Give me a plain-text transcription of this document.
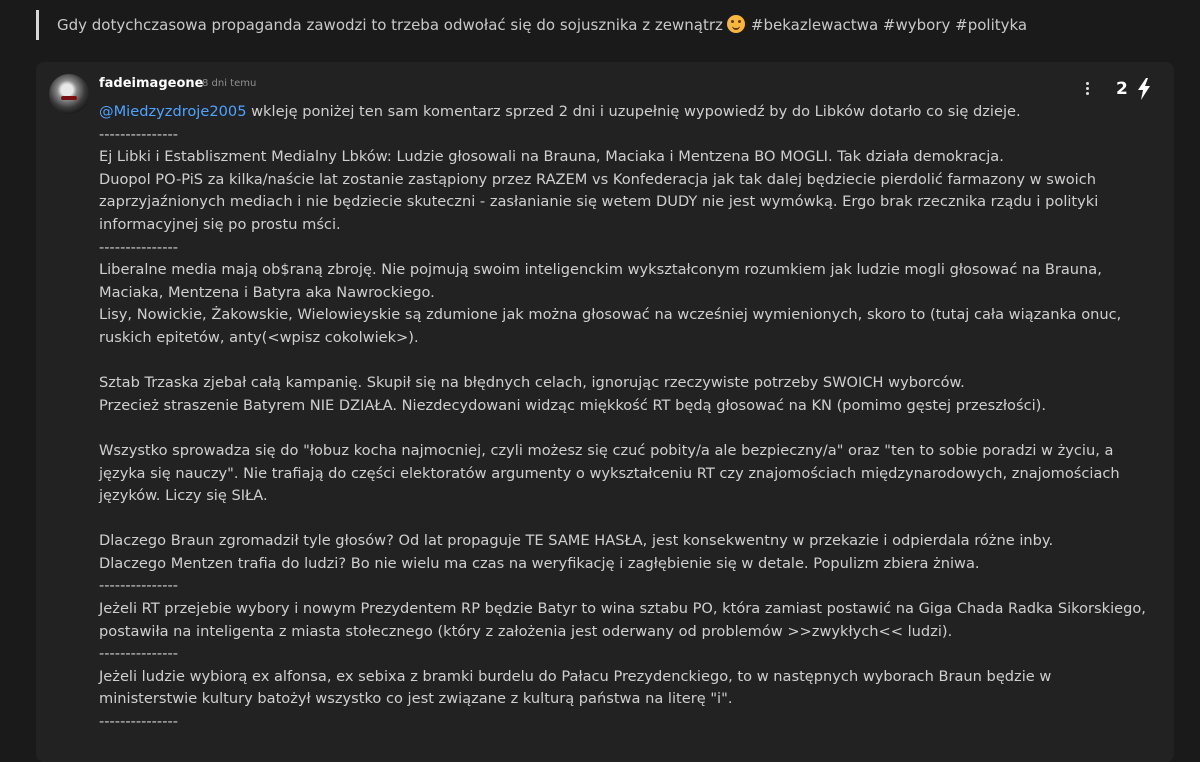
Gdy dotychczasowa propaganda zawodzi to trzeba odwołać się do sojusznika z zewnątrz #bekazlewactwa #wybory #polityka
fadeimageone
8 dni temu	2
@Miedzyzdroje2005 wkleję poniżej ten sam komentarz sprzed 2 dni i uzupełnię wypowiedź by do Libków dotarło co się dzieje.
---------------
Ej Libki i Establiszment Medialny Lbków: Ludzie głosowali na Brauna, Maciaka i Mentzena BO MOGLI. Tak działa demokracja.
Duopol PO-PiS za kilka/naście lat zostanie zastąpiony przez RAZEM vs Konfederacja jak tak dalej będziecie pierdolić farmazony w swoich
zaprzyjaźnionych mediach i nie będziecie skuteczni - zasłanianie się wetem DUDY nie jest wymówką. Ergo brak rzecznika rządu i polityki
informacyjnej się po prostu mści.
---------------
Liberalne media mają ob$raną zbroję. Nie pojmują swoim inteligenckim wykształconym rozumkiem jak ludzie mogli głosować na Brauna,
Maciaka, Mentzena i Batyra aka Nawrockiego.
Lisy, Nowickie, Żakowskie, Wielowieyskie są zdumione jak można głosować na wcześniej wymienionych, skoro to (tutaj cała wiązanka onuc,
ruskich epitetów, anty(<wpisz cokolwiek>).
Sztab Trzaska zjebał całą kampanię. Skupił się na błędnych celach, ignorując rzeczywiste potrzeby SWOICH wyborców.
Przecież straszenie Batyrem NIE DZIAŁA. Niezdecydowani widząc miękkość RT będą głosować na KN (pomimo gęstej przeszłości).
Wszystko sprowadza się do "łobuz kocha najmocniej, czyli możesz się czuć pobity/a ale bezpieczny/a" oraz "ten to sobie poradzi w życiu, a
języka się nauczy". Nie trafiają do części elektoratów argumenty o wykształceniu RT czy znajomościach międzynarodowych, znajomościach
języków. Liczy się SIŁA.
Dlaczego Braun zgromadził tyle głosów? Od lat propaguje TE SAME HASŁA, jest konsekwentny w przekazie i odpierdala różne inby.
Dlaczego Mentzen trafia do ludzi? Bo nie wielu ma czas na weryfikację i zagłębienie się w detale. Populizm zbiera żniwa.
---------------
Jeżeli RT przejebie wybory i nowym Prezydentem RP będzie Batyr to wina sztabu PO, która zamiast postawić na Giga Chada Radka Sikorskiego,
postawiła na inteligenta z miasta stołecznego (który z założenia jest oderwany od problemów >>zwykłych<< ludzi).
---------------
Jeżeli ludzie wybiorą ex alfonsa, ex sebixa z bramki burdelu do Pałacu Prezydenckiego, to w następnych wyborach Braun będzie w
ministerstwie kultury batożył wszystko co jest związane z kulturą państwa na literę "i".
---------------
